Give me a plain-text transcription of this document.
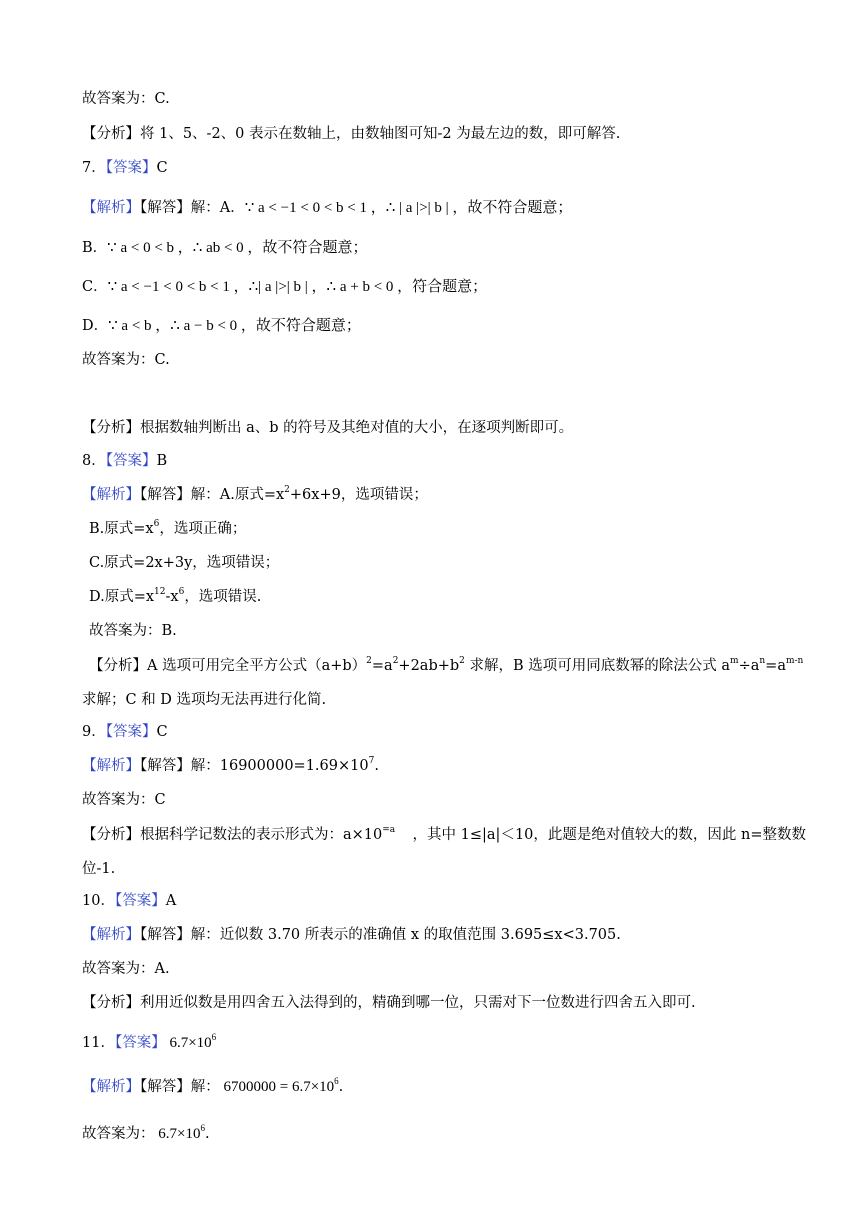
故答案为：C.
【分析】将 1、5、-2、0 表示在数轴上，由数轴图可知-2 为最左边的数，即可解答.
7．【答案】C
【解析】【解答】解：A．∵ a < −1 < 0 < b < 1 ，∴ | a |>| b | ，故不符合题意；
B．∵ a < 0 < b ，∴ ab < 0 ，故不符合题意；
C．∵ a < −1 < 0 < b < 1 ，∴| a |>| b | ，∴ a + b < 0 ，符合题意；
D．∵ a < b ，∴ a − b < 0 ，故不符合题意；
故答案为：C.
【分析】根据数轴判断出 a、b 的符号及其绝对值的大小，在逐项判断即可。
8．【答案】B
【解析】【解答】解：A.原式$=x^2+6x+9$，选项错误；
B.原式$=x^6$，选项正确；
C.原式=2x+3y，选项错误；
D.原式$=x^{12}-x^6$，选项错误.
故答案为：B.
【分析】A 选项可用完全平方公式$(a+b)^2=a^2+2ab+b^2$ 求解，B 选项可用同底数幂的除法公式 $a^m\div a^n=a^{m-n}$
求解；C 和 D 选项均无法再进行化简.
9．【答案】C
【解析】【解答】解：$16900000=1.69\times 10^7$.
故答案为：C
【分析】根据科学记数法的表示形式为：$a\times 10^{=a}$ ，其中 1≤|a|＜10，此题是绝对值较大的数，因此 n=整数数
位-1.
10．【答案】A
【解析】【解答】解：近似数 3.70 所表示的准确值 x 的取值范围 3.695≤x<3.705.
故答案为：A.
【分析】利用近似数是用四舍五入法得到的，精确到哪一位，只需对下一位数进行四舍五入即可.
11．【答案】 $6.7\times 10^6$
【解析】【解答】解： $6700000 = 6.7\times 10^6$.
故答案为： $6.7\times 10^6$.
